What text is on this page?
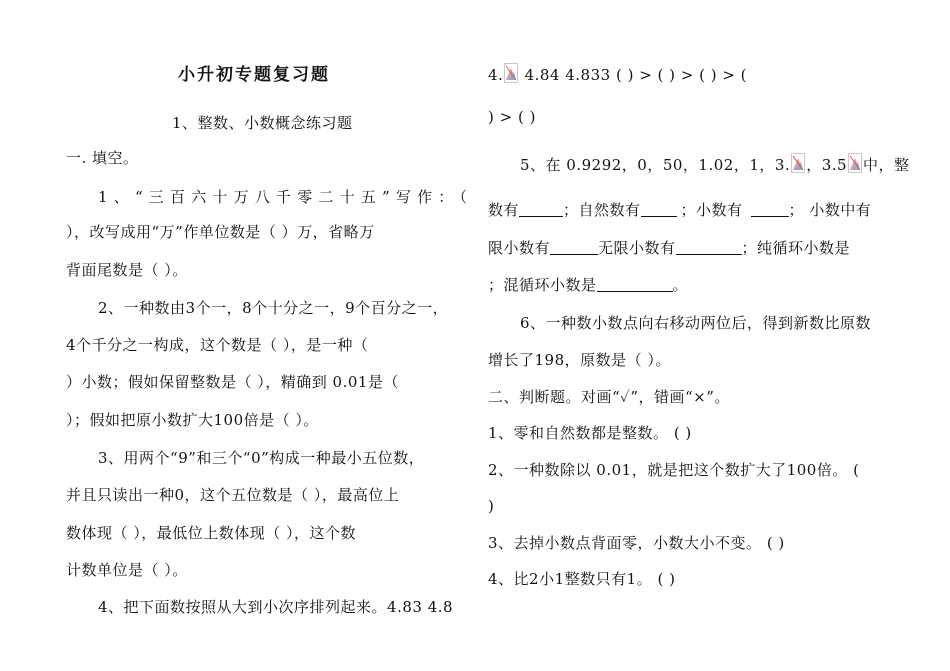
小升初专题复习题
1、整数、小数概念练习题
一. 填空。
1、“三百六十万八千零二十五”写作：（
），改写成用“万”作单位数是（ ）万，省略万
背面尾数是（ ）。
2、一种数由3个一，8个十分之一，9个百分之一，
4个千分之一构成，这个数是（ ），是一种（
）小数；假如保留整数是（ ），精确到 0.01是（
）；假如把原小数扩大100倍是（ ）。
3、用两个“9”和三个“0”构成一种最小五位数，
并且只读出一种0，这个五位数是（ ），最高位上
数体现（ ），最低位上数体现（ ），这个数
计数单位是（ ）。
4、把下面数按照从大到小次序排列起来。4.83 4.8
4.
4.84 4.833 ( ) > ( ) > ( ) > (
) > ( )
5、在 0.9292，0，50，1.02，1，3. ，3.5 中，整
数有	；自然数有	；小数有	； 小数中有
限小数有	无限小数有	；纯循环小数是
；混循环小数是	。
6、一种数小数点向右移动两位后，得到新数比原数
增长了198，原数是（ ）。
二、判断题。对画“✓”，错画“×”。
1、零和自然数都是整数。 ( )
2、一种数除以 0.01，就是把这个数扩大了100倍。 (
)
3、去掉小数点背面零，小数大小不变。 ( )
4、比2小1整数只有1。 ( )
